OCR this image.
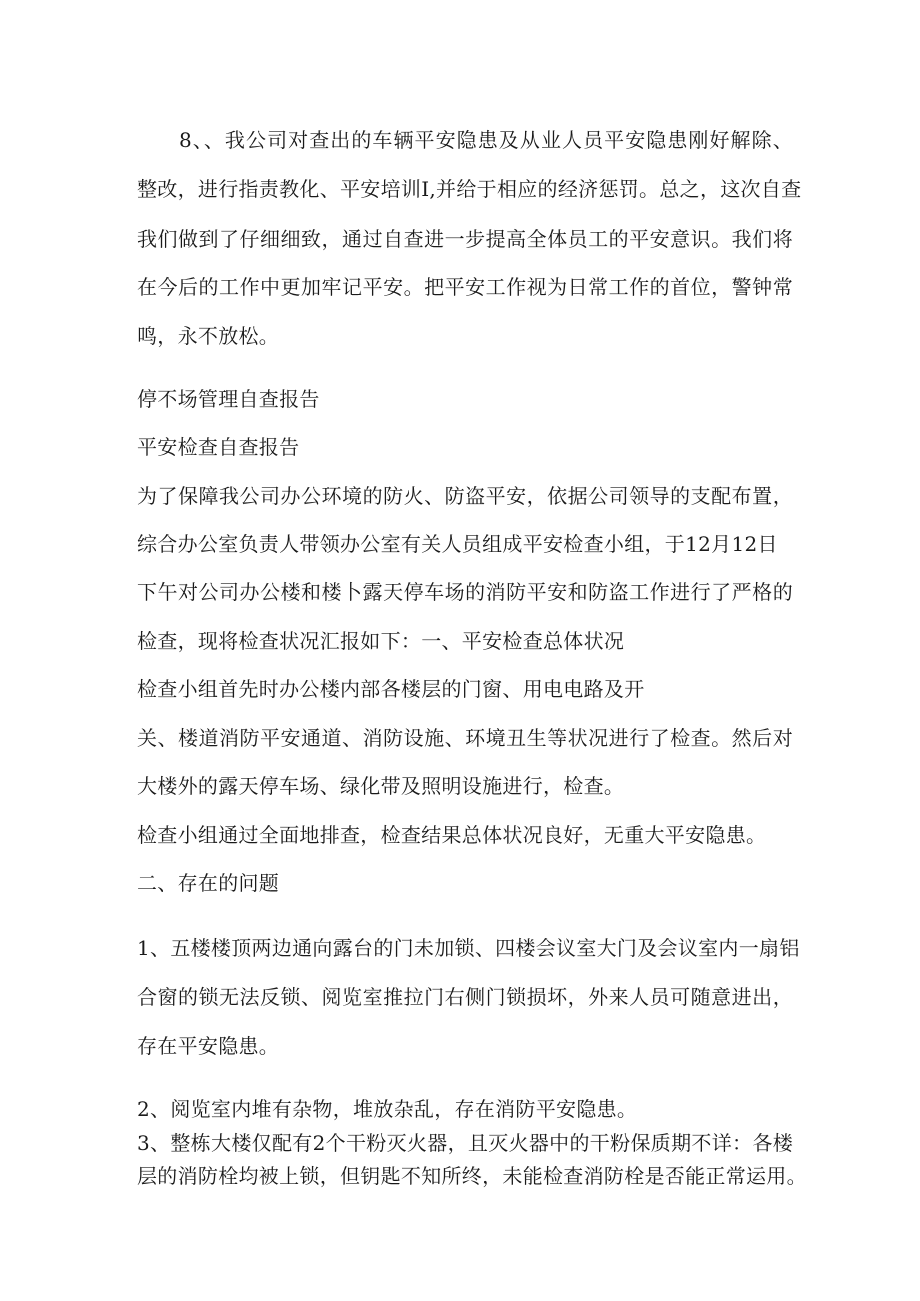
8、、我公司对查出的车辆平安隐患及从业人员平安隐患刚好解除、
整改，进行指责教化、平安培训I,并给于相应的经济惩罚。总之，这次自查
我们做到了仔细细致，通过自查进一步提高全体员工的平安意识。我们将
在今后的工作中更加牢记平安。把平安工作视为日常工作的首位，警钟常
鸣，永不放松。
停不场管理自查报告
平安检查自查报告
为了保障我公司办公环境的防火、防盗平安，依据公司领导的支配布置，
综合办公室负责人带领办公室有关人员组成平安检查小组，于12月12日
下午对公司办公楼和楼卜露天停车场的消防平安和防盗工作进行了严格的
检查，现将检查状况汇报如下：一、平安检查总体状况
检查小组首先时办公楼内部各楼层的门窗、用电电路及开
关、楼道消防平安通道、消防设施、环境丑生等状况进行了检查。然后对
大楼外的露天停车场、绿化带及照明设施进行，检查。
检查小组通过全面地排查，检查结果总体状况良好，无重大平安隐患。
二、存在的问题
1、五楼楼顶两边通向露台的门未加锁、四楼会议室大门及会议室内一扇铝
合窗的锁无法反锁、阅览室推拉门右侧门锁损坏，外来人员可随意进出，
存在平安隐患。
2、阅览室内堆有杂物，堆放杂乱，存在消防平安隐患。
3、整栋大楼仅配有2个干粉灭火器，且灭火器中的干粉保质期不详：各楼
层的消防栓均被上锁，但钥匙不知所终，未能检查消防栓是否能正常运用。
